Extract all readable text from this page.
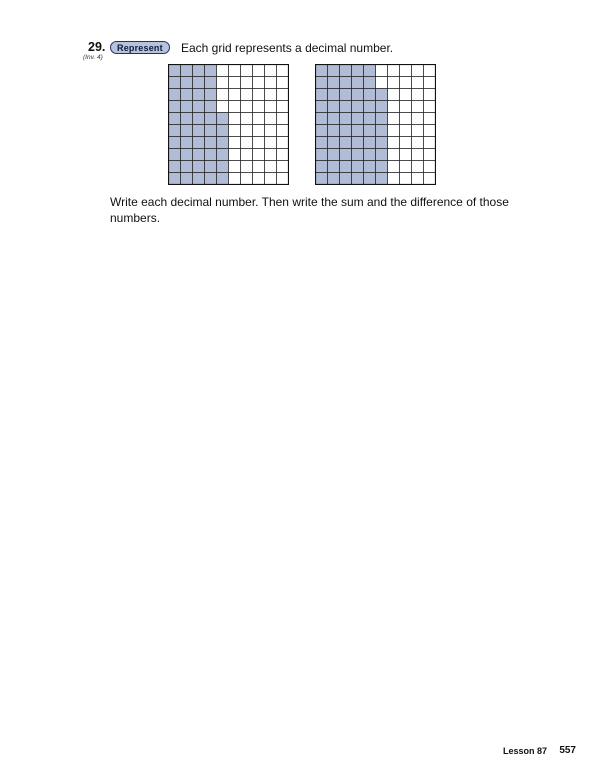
29.
(Inv. 4)
Represent	Each grid represents a decimal number.
Write each decimal number. Then write the sum and the difference of those numbers.
Lesson 87 557
